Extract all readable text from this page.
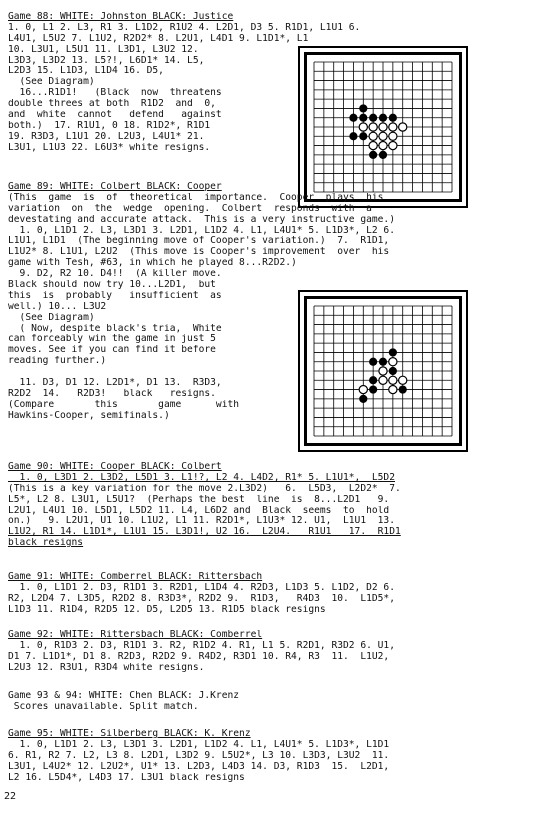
Game 88: WHITE: Johnston BLACK: Justice
1. 0, L1 2. L3, R1 3. L1D2, R1U2 4. L2D1, D3 5. R1D1, L1U1 6.
L4U1, L5U2 7. L1U2, R2D2* 8. L2U1, L4D1 9. L1D1*, L1
10. L3U1, L5U1 11. L3D1, L3U2 12.
L3D3, L3D2 13. L5?!, L6D1* 14. L5,
L2D3 15. L1D3, L1D4 16. D5,
(See Diagram)
16...R1D1!   (Black  now  threatens
double threes at both  R1D2  and  0,
and  white  cannot   defend   against
both.)  17. R1U1, 0 18. R1D2*, R1D1
19. R3D3, L1U1 20. L2U3, L4U1* 21.
L3U1, L1U3 22. L6U3* white resigns.
Game 89: WHITE: Colbert BLACK: Cooper
(This  game  is  of  theoretical  importance.  Cooper  plays  his
variation  on  the  wedge  opening.  Colbert  responds  with  a
devestating and accurate attack.  This is a very instructive game.)
1. 0, L1D1 2. L3, L3D1 3. L2D1, L1D2 4. L1, L4U1* 5. L1D3*, L2 6.
L1U1, L1D1  (The beginning move of Cooper's variation.)  7.  R1D1,
L1U2* 8. L1U1, L2U2  (This move is Cooper's improvement  over  his
game with Tesh, #63, in which he played 8...R2D2.)
9. D2, R2 10. D4!!  (A killer move.
Black should now try 10...L2D1,  but
this  is  probably   insufficient  as
well.) 10... L3U2
(See Diagram)
( Now, despite black's tria,  White
can forceably win the game in just 5
moves. See if you can find it before
reading further.)
11. D3, D1 12. L2D1*, D1 13.  R3D3,
R2D2  14.   R2D3!   black   resigns.
(Compare       this       game      with
Hawkins-Cooper, semifinals.)
Game 90: WHITE: Cooper BLACK: Colbert
1. 0, L3D1 2. L3D2, L5D1 3. L1!?, L2 4. L4D2, R1* 5. L1U1*,  L5D2
(This is a key variation for the move 2.L3D2)   6.  L5D3,  L2D2*  7.
L5*, L2 8. L3U1, L5U1?  (Perhaps the best  line  is  8...L2D1   9.
L2U1, L4U1 10. L5D1, L5D2 11. L4, L6D2 and  Black  seems  to  hold
on.)   9. L2U1, U1 10. L1U2, L1 11. R2D1*, L1U3* 12. U1,  L1U1  13.
L1U2, R1 14. L1D1*, L1U1 15. L3D1!, U2 16.  L2U4.   R1U1   17.  R1D1
black resigns
Game 91: WHITE: Comberrel BLACK: Rittersbach
1. 0, L1D1 2. D3, R1D1 3. R2D1, L1D4 4. R2D3, L1D3 5. L1D2, D2 6.
R2, L2D4 7. L3D5, R2D2 8. R3D3*, R2D2 9.  R1D3,   R4D3  10.  L1D5*,
L1D3 11. R1D4, R2D5 12. D5, L2D5 13. R1D5 black resigns
Game 92: WHITE: Rittersbach BLACK: Comberrel
1. 0, R1D3 2. D3, R1D1 3. R2, R1D2 4. R1, L1 5. R2D1, R3D2 6. U1,
D1 7. L1D1*, D1 8. R2D3, R2D2 9. R4D2, R3D1 10. R4, R3  11.  L1U2,
L2U3 12. R3U1, R3D4 white resigns.
Game 93 & 94: WHITE: Chen BLACK: J.Krenz
Scores unavailable. Split match.
Game 95: WHITE: Silberberg BLACK: K. Krenz
1. 0, L1D1 2. L3, L3D1 3. L2D1, L1D2 4. L1, L4U1* 5. L1D3*, L1D1
6. R1, R2 7. L2, L3 8. L2D1, L3D2 9. L5U2*, L3 10. L3D3, L3U2  11.
L3U1, L4U2* 12. L2U2*, U1* 13. L2D3, L4D3 14. D3, R1D3  15.  L2D1,
L2 16. L5D4*, L4D3 17. L3U1 black resigns
22
